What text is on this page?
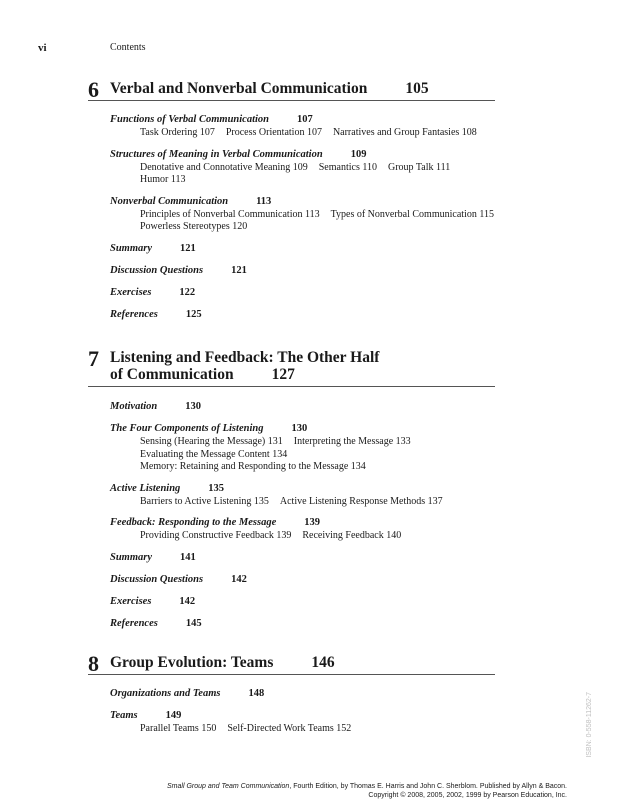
vi	Contents
6 Verbal and Nonverbal Communication 105
Functions of Verbal Communication	107
Task Ordering 107 Process Orientation 107 Narratives and Group Fantasies 108
Structures of Meaning in Verbal Communication	109
Denotative and Connotative Meaning 109 Semantics 110 Group Talk 111
Humor 113
Nonverbal Communication	113
Principles of Nonverbal Communication 113 Types of Nonverbal Communication 115
Powerless Stereotypes 120
Summary	121
Discussion Questions	121
Exercises	122
References	125
7 Listening and Feedback: The Other Half
of Communication 127
Motivation	130
The Four Components of Listening	130
Sensing (Hearing the Message) 131 Interpreting the Message 133
Evaluating the Message Content 134
Memory: Retaining and Responding to the Message 134
Active Listening	135
Barriers to Active Listening 135 Active Listening Response Methods 137
Feedback: Responding to the Message	139
Providing Constructive Feedback 139 Receiving Feedback 140
Summary	141
Discussion Questions	142
Exercises	142
References	145
8 Group Evolution: Teams 146
Organizations and Teams	148
Teams	149
Parallel Teams 150 Self-Directed Work Teams 152	ISBN: 0-558-11262-7
Small Group and Team Communication, Fourth Edition, by Thomas E. Harris and John C. Sherblom. Published by Allyn & Bacon.
Copyright © 2008, 2005, 2002, 1999 by Pearson Education, Inc.
